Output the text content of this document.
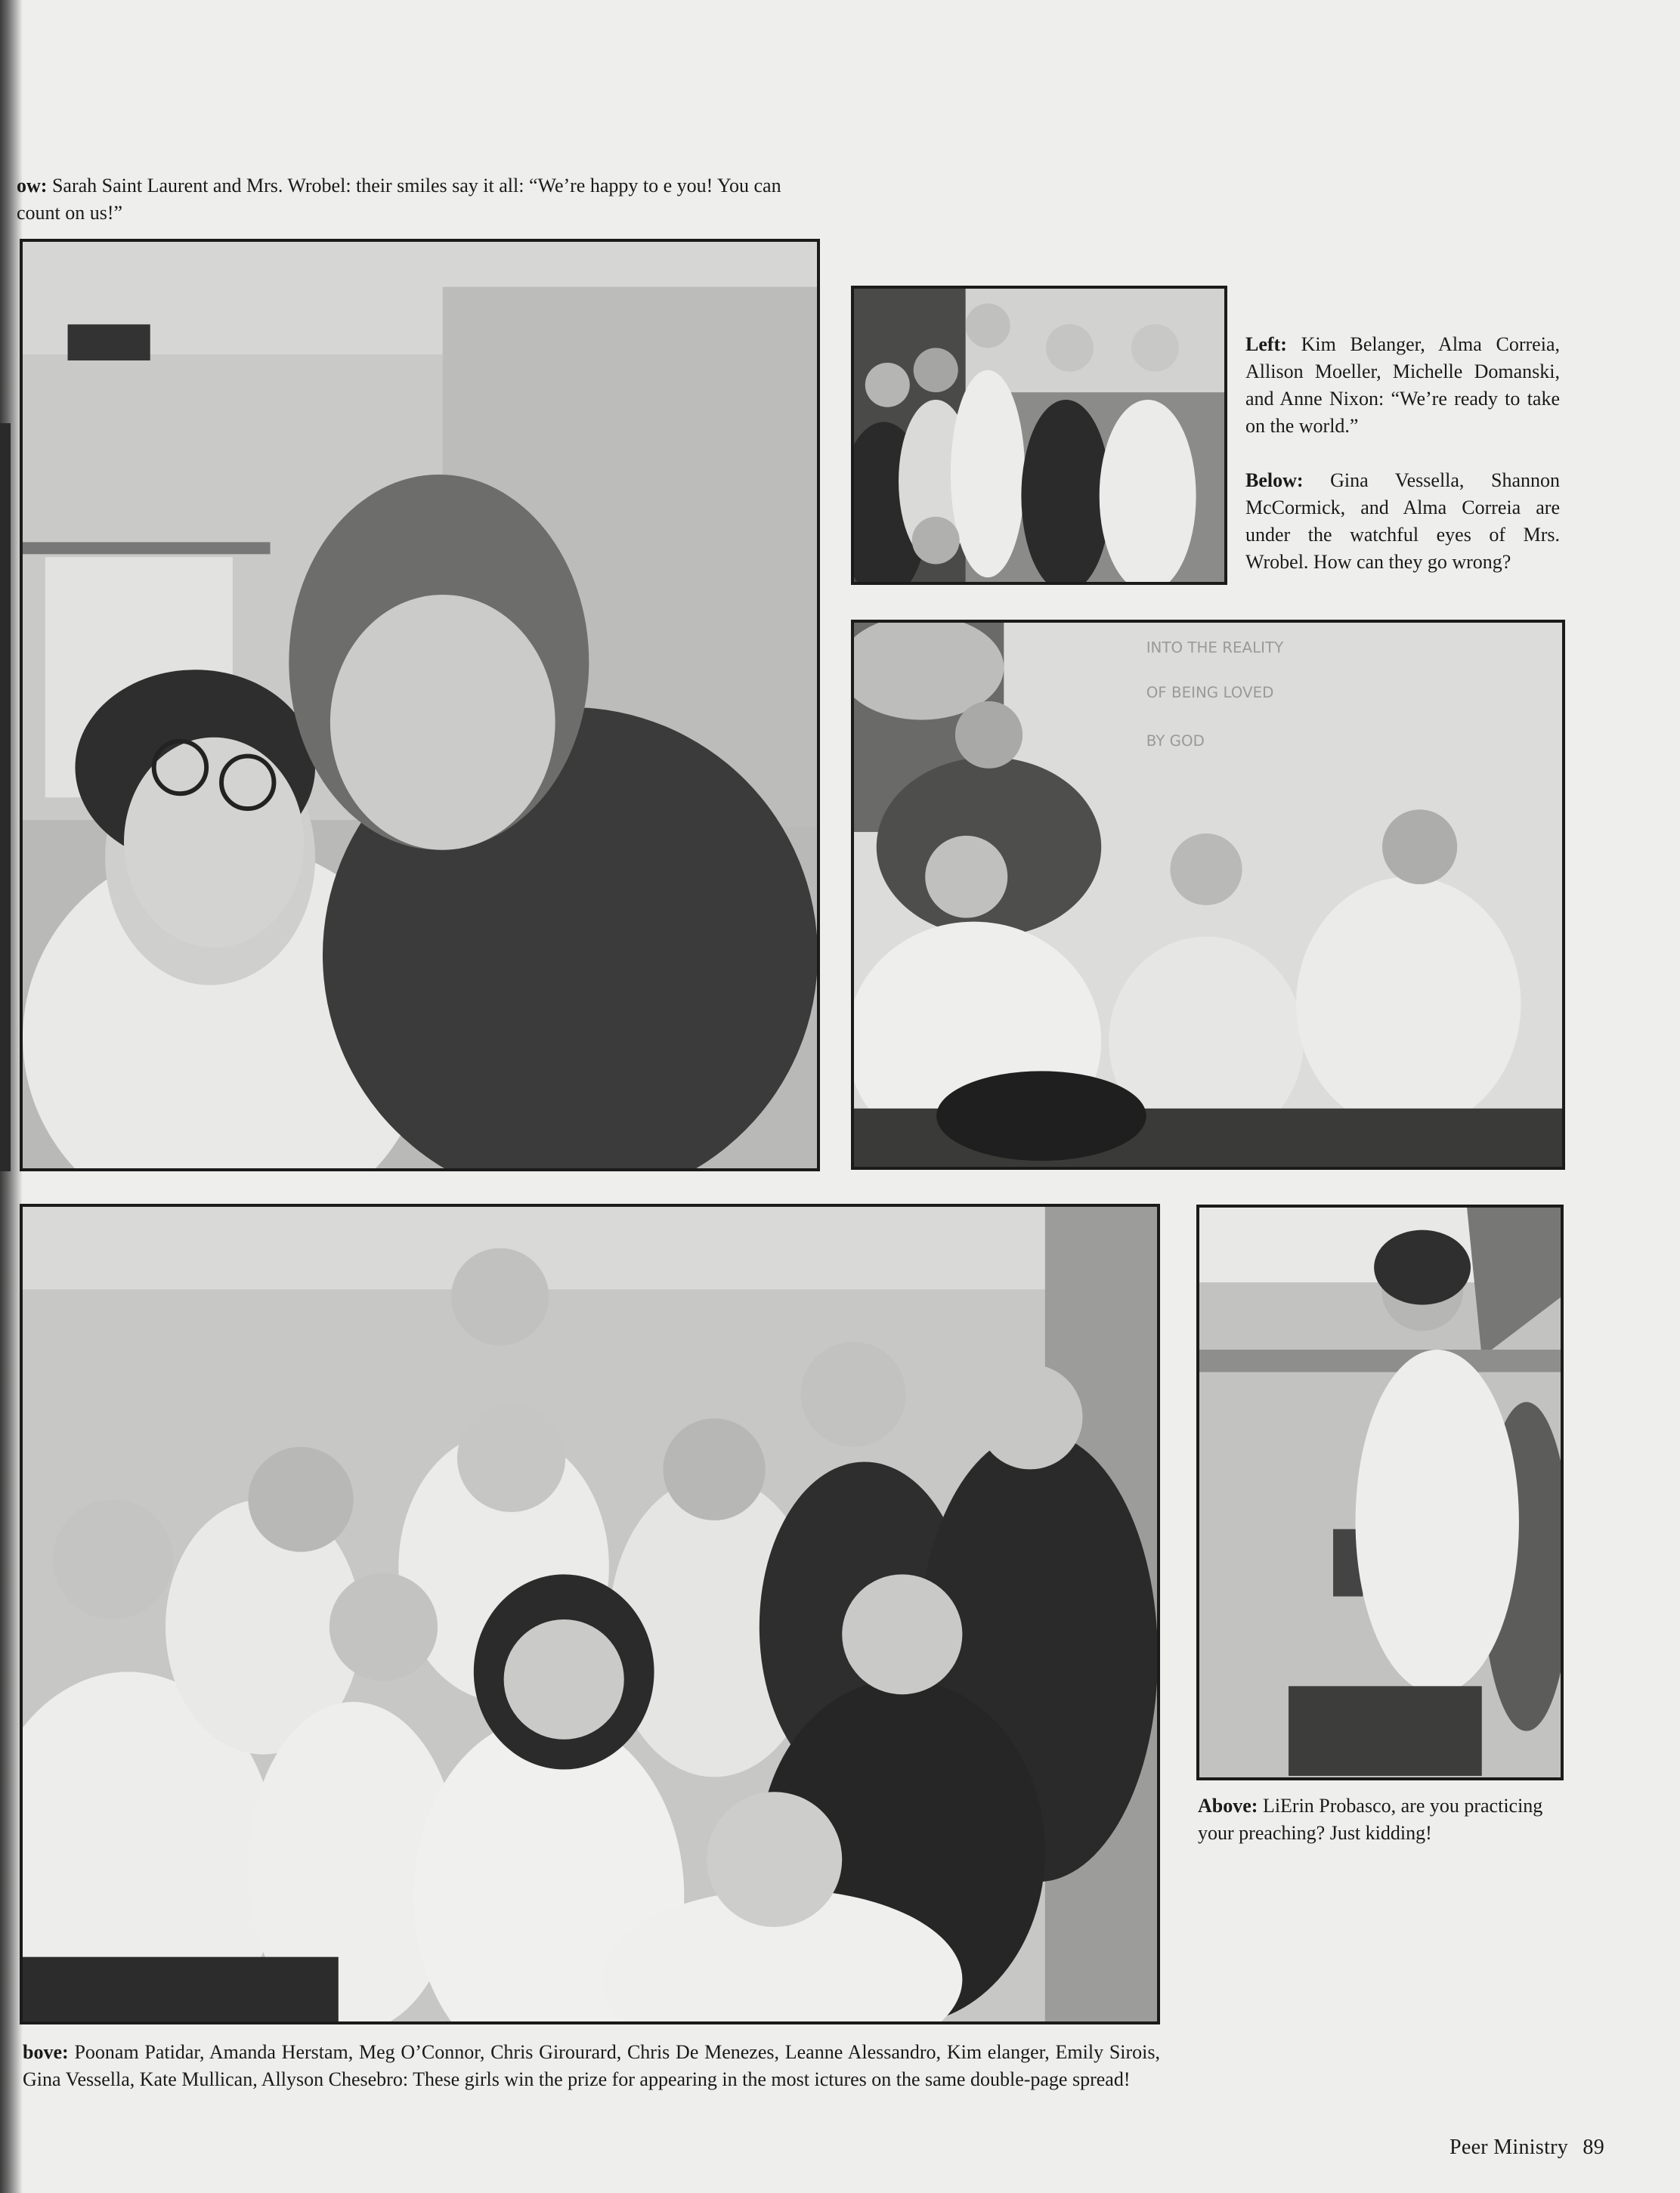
ow: Sarah Saint Laurent and Mrs. Wrobel: their smiles say it all: “We’re happy to e you! You can count on us!”

Left: Kim Belanger, Alma Correia, Allison Moeller, Michelle Domanski, and Anne Nixon: “We’re ready to take on the world.”

Below: Gina Vessella, Shannon McCormick, and Alma Correia are under the watchful eyes of Mrs. Wrobel. How can they go wrong?

INTO THE REALITY
OF BEING LOVED
BY GOD

Above: LiErin Probasco, are you practicing your preaching? Just kidding!

bove: Poonam Patidar, Amanda Herstam, Meg O’Connor, Chris Girourard, Chris De Menezes, Leanne Alessandro, Kim elanger, Emily Sirois, Gina Vessella, Kate Mullican, Allyson Chesebro: These girls win the prize for appearing in the most ictures on the same double-page spread!

Peer Ministry 89
